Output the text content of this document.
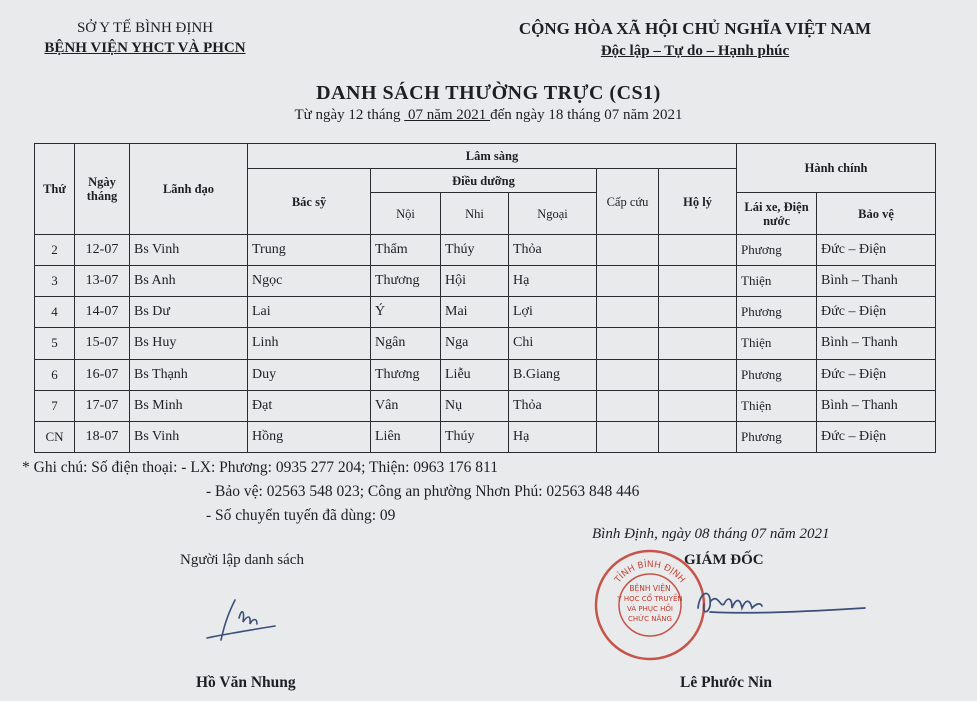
SỞ Y TẾ BÌNH ĐỊNH
BỆNH VIỆN YHCT VÀ PHCN
CỘNG HÒA XÃ HỘI CHỦ NGHĨA VIỆT NAM
Độc lập – Tự do – Hạnh phúc
DANH SÁCH THƯỜNG TRỰC (CS1)
Từ ngày 12 tháng 07 năm 2021 đến ngày 18 tháng 07 năm 2021
Thứ	Ngày tháng	Lãnh đạo	Lâm sàng						Hành chính	
			Bác sỹ	Điều dưỡng			Cấp cứu	Hộ lý		
				Nội	Nhi	Ngoại			Lái xe, Điện nước	Bảo vệ
2	12-07	Bs Vinh	Trung	Thẩm	Thúy	Thỏa			Phương	Đức – Điện
3	13-07	Bs Anh	Ngọc	Thương	Hội	Hạ			Thiện	Bình – Thanh
4	14-07	Bs Dư	Lai	Ý	Mai	Lợi			Phương	Đức – Điện
5	15-07	Bs Huy	Linh	Ngân	Nga	Chi			Thiện	Bình – Thanh
6	16-07	Bs Thạnh	Duy	Thương	Liễu	B.Giang			Phương	Đức – Điện
7	17-07	Bs Minh	Đạt	Vân	Nụ	Thỏa			Thiện	Bình – Thanh
CN	18-07	Bs Vinh	Hồng	Liên	Thúy	Hạ			Phương	Đức – Điện
* Ghi chú: Số điện thoại: - LX: Phương: 0935 277 204; Thiện: 0963 176 811
- Bảo vệ: 02563 548 023; Công an phường Nhơn Phú: 02563 848 446
- Số chuyển tuyến đã dùng: 09
Bình Định, ngày 08 tháng 07 năm 2021
Người lập danh sách
TỈNH BÌNH ĐỊNH
BỆNH VIỆN
Y HỌC CỔ TRUYỀN
VÀ PHỤC HỒI
CHỨC NĂNG
GIÁM ĐỐC
Hồ Văn Nhung	Lê Phước Nin
